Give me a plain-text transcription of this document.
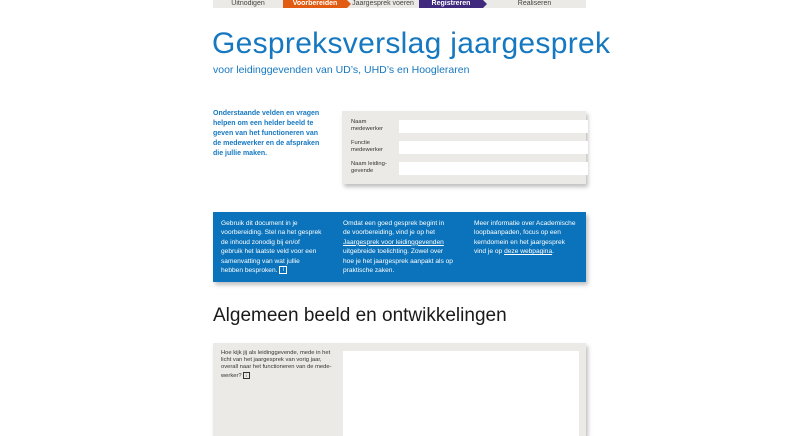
Uitnodigen	Voorbereiden	Jaargesprek voeren	Registreren	Realiseren
Gespreksverslag jaargesprek

voor leidinggevenden van UD’s, UHD’s en Hoogleraren

Onderstaande velden en vragen helpen om een helder beeld te geven van het functioneren van de medewerker en de afspraken die jullie maken.

Naam
medewerker
Functie
medewerker
Naam leiding-
gevende
Gebruik dit document in je voorbereiding. Stel na het gesprek de inhoud zonodig bij en/of gebruik het laatste veld voor een samenvatting van wat jullie hebben besproken. i
Omdat een goed gesprek begint in de voorbereiding, vind je op het Jaargesprek voor leidinggevenden uitgebreide toelichting. Zowel over hoe je het jaargesprek aanpakt als op praktische zaken.
Meer informatie over Academische loopbaanpaden, focus op een kerndomein en het jaargesprek vind je op deze webpagina.
Algemeen beeld en ontwikkelingen
Hoe kijk jij als leidinggevende, mede in het licht van het jaargesprek van vorig jaar, overall naar het functioneren van de mede-werker? i
